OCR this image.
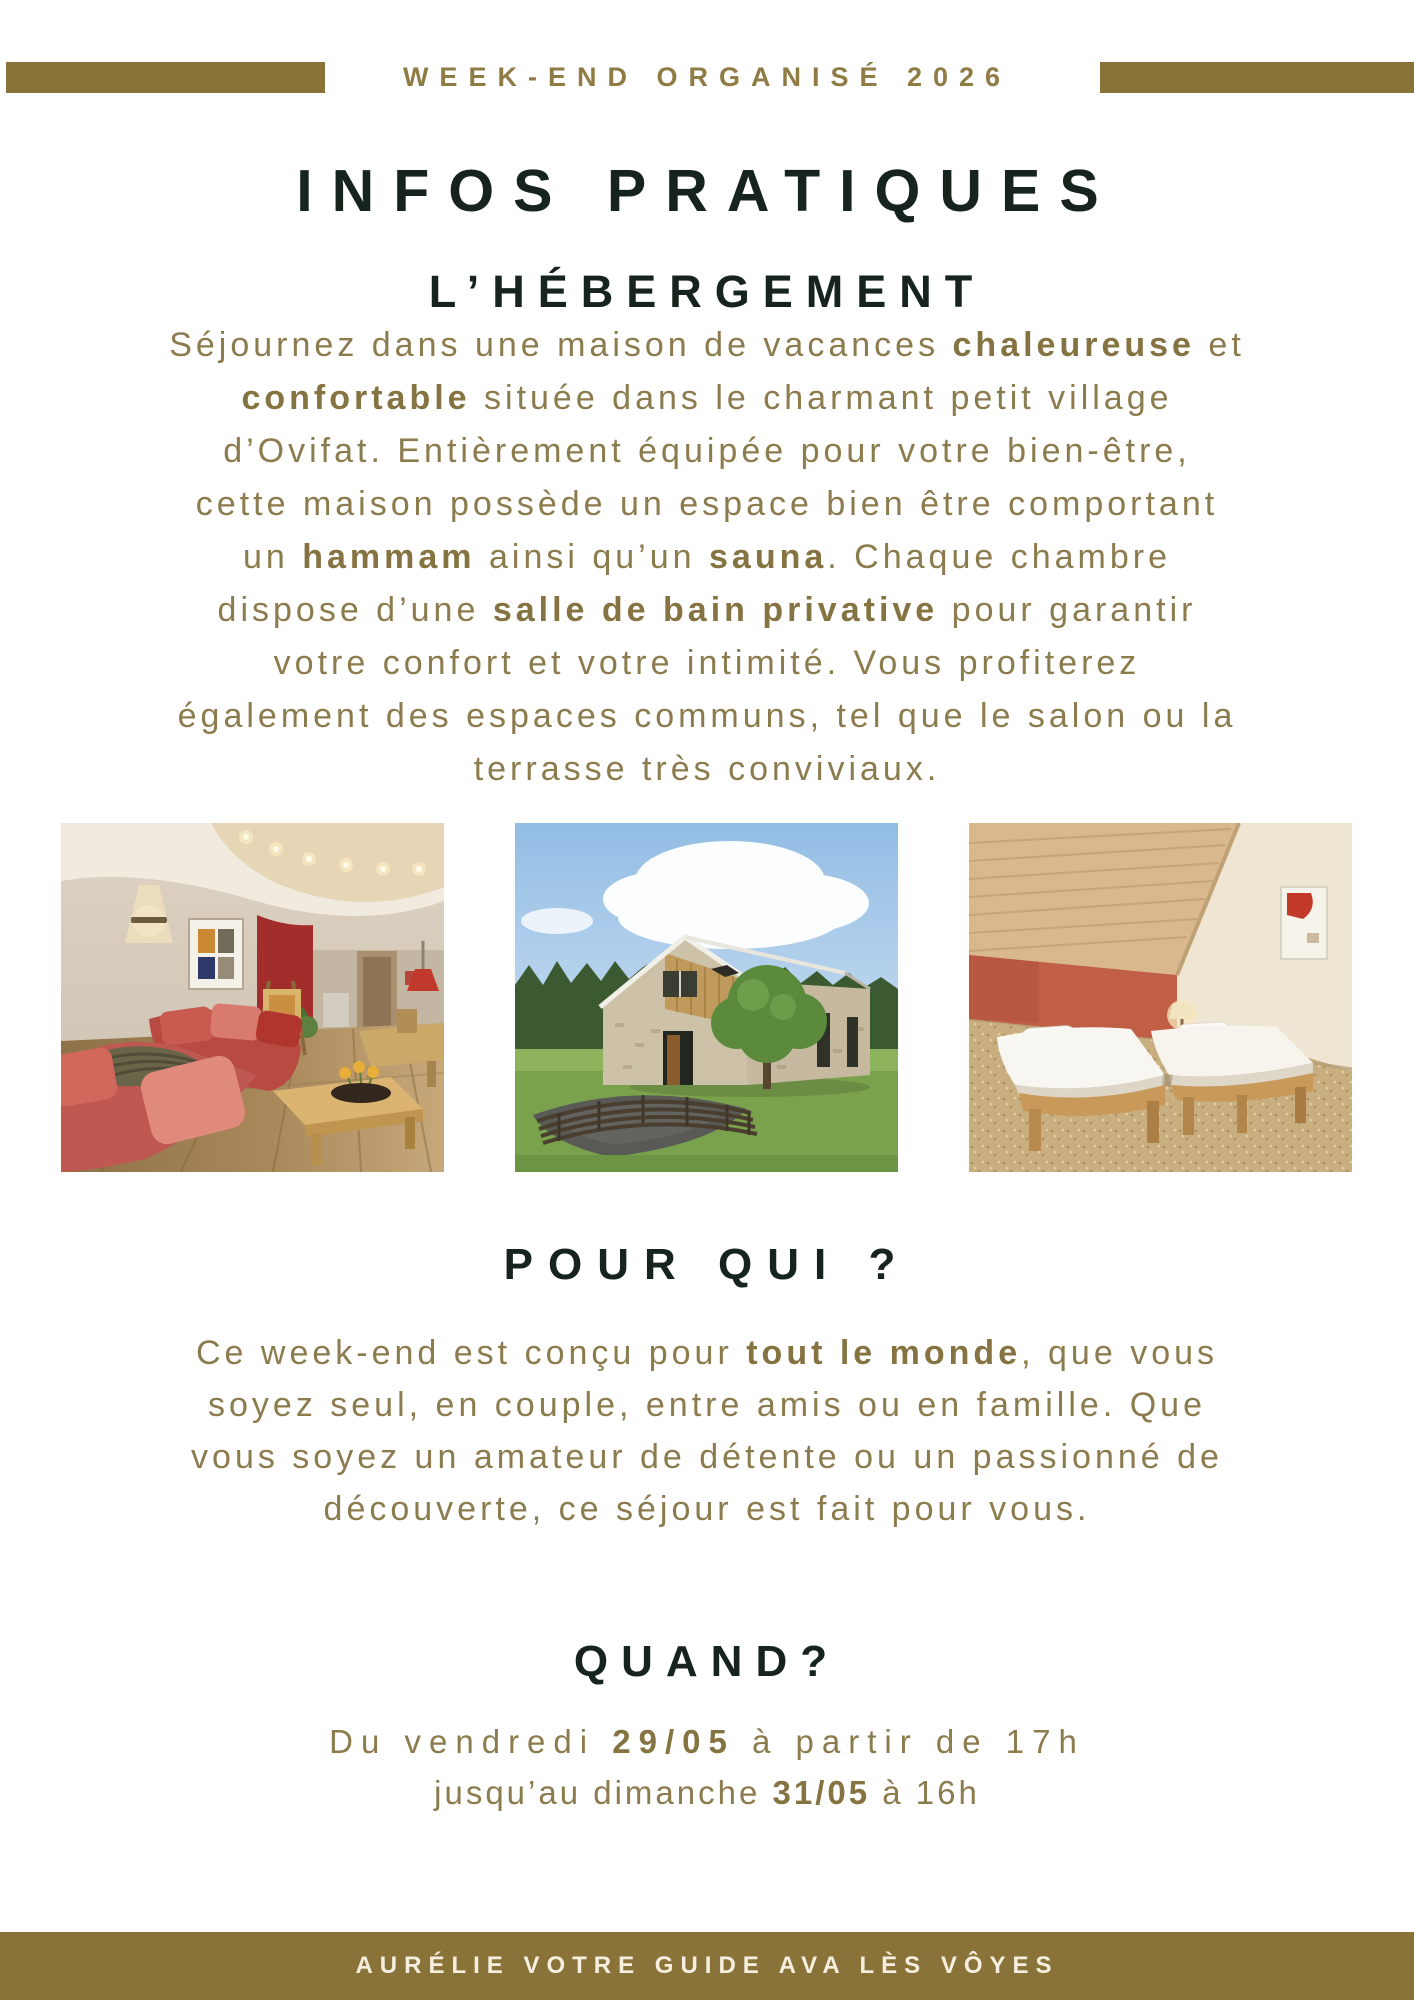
WEEK-END ORGANISÉ 2026
INFOS PRATIQUES
L’HÉBERGEMENT
Séjournez dans une maison de vacances chaleureuse et
confortable située dans le charmant petit village
d’Ovifat. Entièrement équipée pour votre bien-être,
cette maison possède un espace bien être comportant
un hammam ainsi qu’un sauna. Chaque chambre
dispose d’une salle de bain privative pour garantir
votre confort et votre intimité. Vous profiterez
également des espaces communs, tel que le salon ou la
terrasse très conviviaux.
POUR QUI ?
Ce week-end est conçu pour tout le monde, que vous
soyez seul, en couple, entre amis ou en famille. Que
vous soyez un amateur de détente ou un passionné de
découverte, ce séjour est fait pour vous.
QUAND?
Du vendredi 29/05 à partir de 17h
jusqu’au dimanche 31/05 à 16h
AURÉLIE VOTRE GUIDE AVA LÈS VÔYES
